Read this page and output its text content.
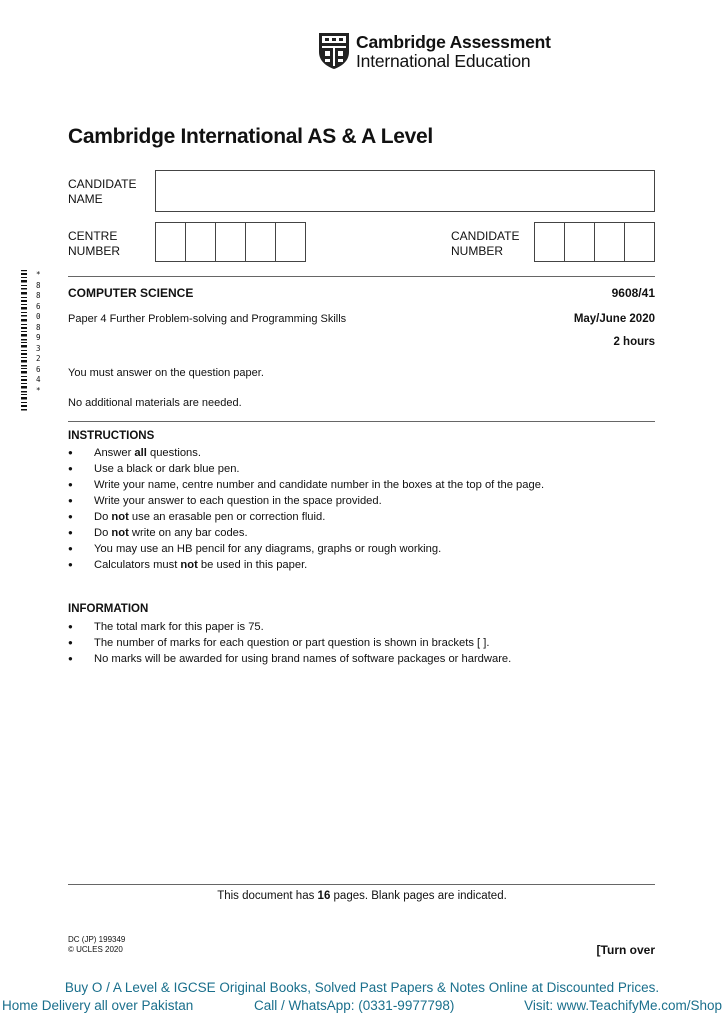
Cambridge Assessment
International Education
Cambridge International AS & A Level
CANDIDATE
NAME
CENTRE
NUMBER
CANDIDATE
NUMBER
* 8 8 6 0 8 9 3 2 6 4 *
COMPUTER SCIENCE	9608/41
Paper 4 Further Problem-solving and Programming Skills	May/June 2020
2 hours
You must answer on the question paper.
No additional materials are needed.
INSTRUCTIONS
● Answer all questions.
● Use a black or dark blue pen.
● Write your name, centre number and candidate number in the boxes at the top of the page.
● Write your answer to each question in the space provided.
● Do not use an erasable pen or correction fluid.
● Do not write on any bar codes.
● You may use an HB pencil for any diagrams, graphs or rough working.
● Calculators must not be used in this paper.
INFORMATION
● The total mark for this paper is 75.
● The number of marks for each question or part question is shown in brackets [ ].
● No marks will be awarded for using brand names of software packages or hardware.
This document has 16 pages. Blank pages are indicated.
DC (JP) 199349
© UCLES 2020	[Turn over
Buy O / A Level & IGCSE Original Books, Solved Past Papers & Notes Online at Discounted Prices.
Home Delivery all over Pakistan	Call / WhatsApp: (0331-9977798)	Visit: www.TeachifyMe.com/Shop
